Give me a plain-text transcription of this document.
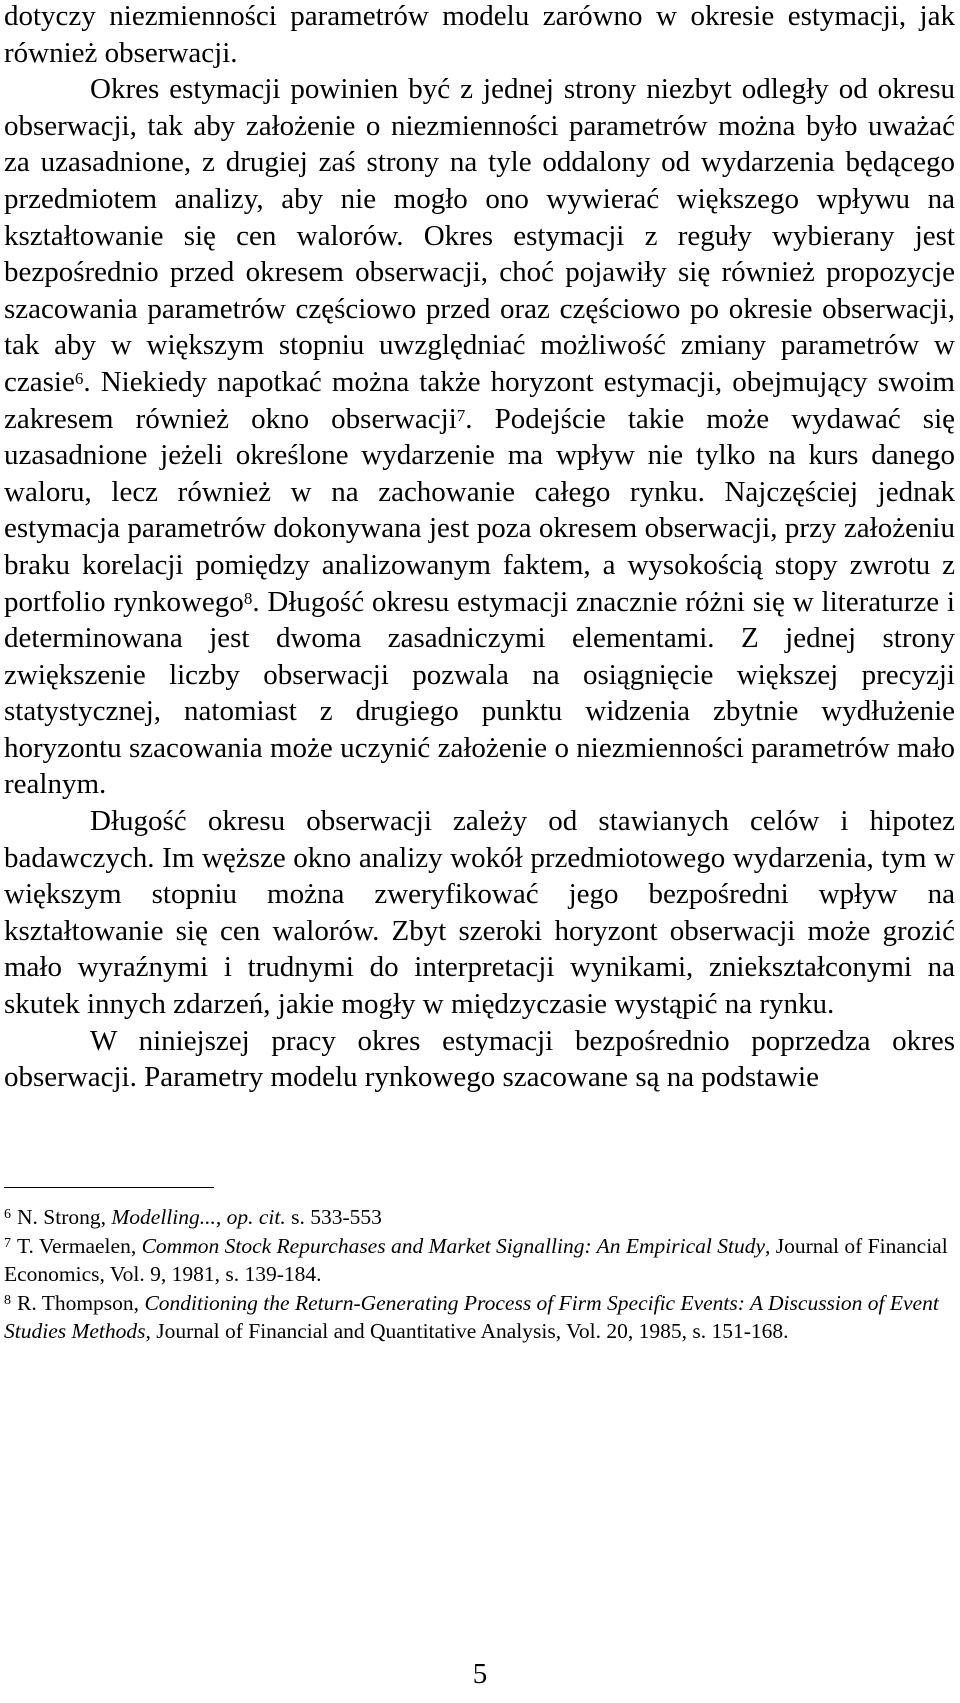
dotyczy niezmienności parametrów modelu zarówno w okresie estymacji, jak również obserwacji.

Okres estymacji powinien być z jednej strony niezbyt odległy od okresu obserwacji, tak aby założenie o niezmienności parametrów można było uważać za uzasadnione, z drugiej zaś strony na tyle oddalony od wydarzenia będącego przedmiotem analizy, aby nie mogło ono wywierać większego wpływu na kształtowanie się cen walorów. Okres estymacji z reguły wybierany jest bezpośrednio przed okresem obserwacji, choć pojawiły się również propozycje szacowania parametrów częściowo przed oraz częściowo po okresie obserwacji, tak aby w większym stopniu uwzględniać możliwość zmiany parametrów w czasie$^6$. Niekiedy napotkać można także horyzont estymacji, obejmujący swoim zakresem również okno obserwacji$^7$. Podejście takie może wydawać się uzasadnione jeżeli określone wydarzenie ma wpływ nie tylko na kurs danego waloru, lecz również w na zachowanie całego rynku. Najczęściej jednak estymacja parametrów dokonywana jest poza okresem obserwacji, przy założeniu braku korelacji pomiędzy analizowanym faktem, a wysokością stopy zwrotu z portfolio rynkowego$^8$. Długość okresu estymacji znacznie różni się w literaturze i determinowana jest dwoma zasadniczymi elementami. Z jednej strony zwiększenie liczby obserwacji pozwala na osiągnięcie większej precyzji statystycznej, natomiast z drugiego punktu widzenia zbytnie wydłużenie horyzontu szacowania może uczynić założenie o niezmienności parametrów mało realnym.

Długość okresu obserwacji zależy od stawianych celów i hipotez badawczych. Im węższe okno analizy wokół przedmiotowego wydarzenia, tym w większym stopniu można zweryfikować jego bezpośredni wpływ na kształtowanie się cen walorów. Zbyt szeroki horyzont obserwacji może grozić mało wyraźnymi i trudnymi do interpretacji wynikami, zniekształconymi na skutek innych zdarzeń, jakie mogły w międzyczasie wystąpić na rynku.

W niniejszej pracy okres estymacji bezpośrednio poprzedza okres obserwacji. Parametry modelu rynkowego szacowane są na podstawie

$^6$ N. Strong, Modelling..., op. cit. s. 533-553

$^7$ T. Vermaelen, Common Stock Repurchases and Market Signalling: An Empirical Study, Journal of Financial Economics, Vol. 9, 1981, s. 139-184.

$^8$ R. Thompson, Conditioning the Return-Generating Process of Firm Specific Events: A Discussion of Event Studies Methods, Journal of Financial and Quantitative Analysis, Vol. 20, 1985, s. 151-168.

5
